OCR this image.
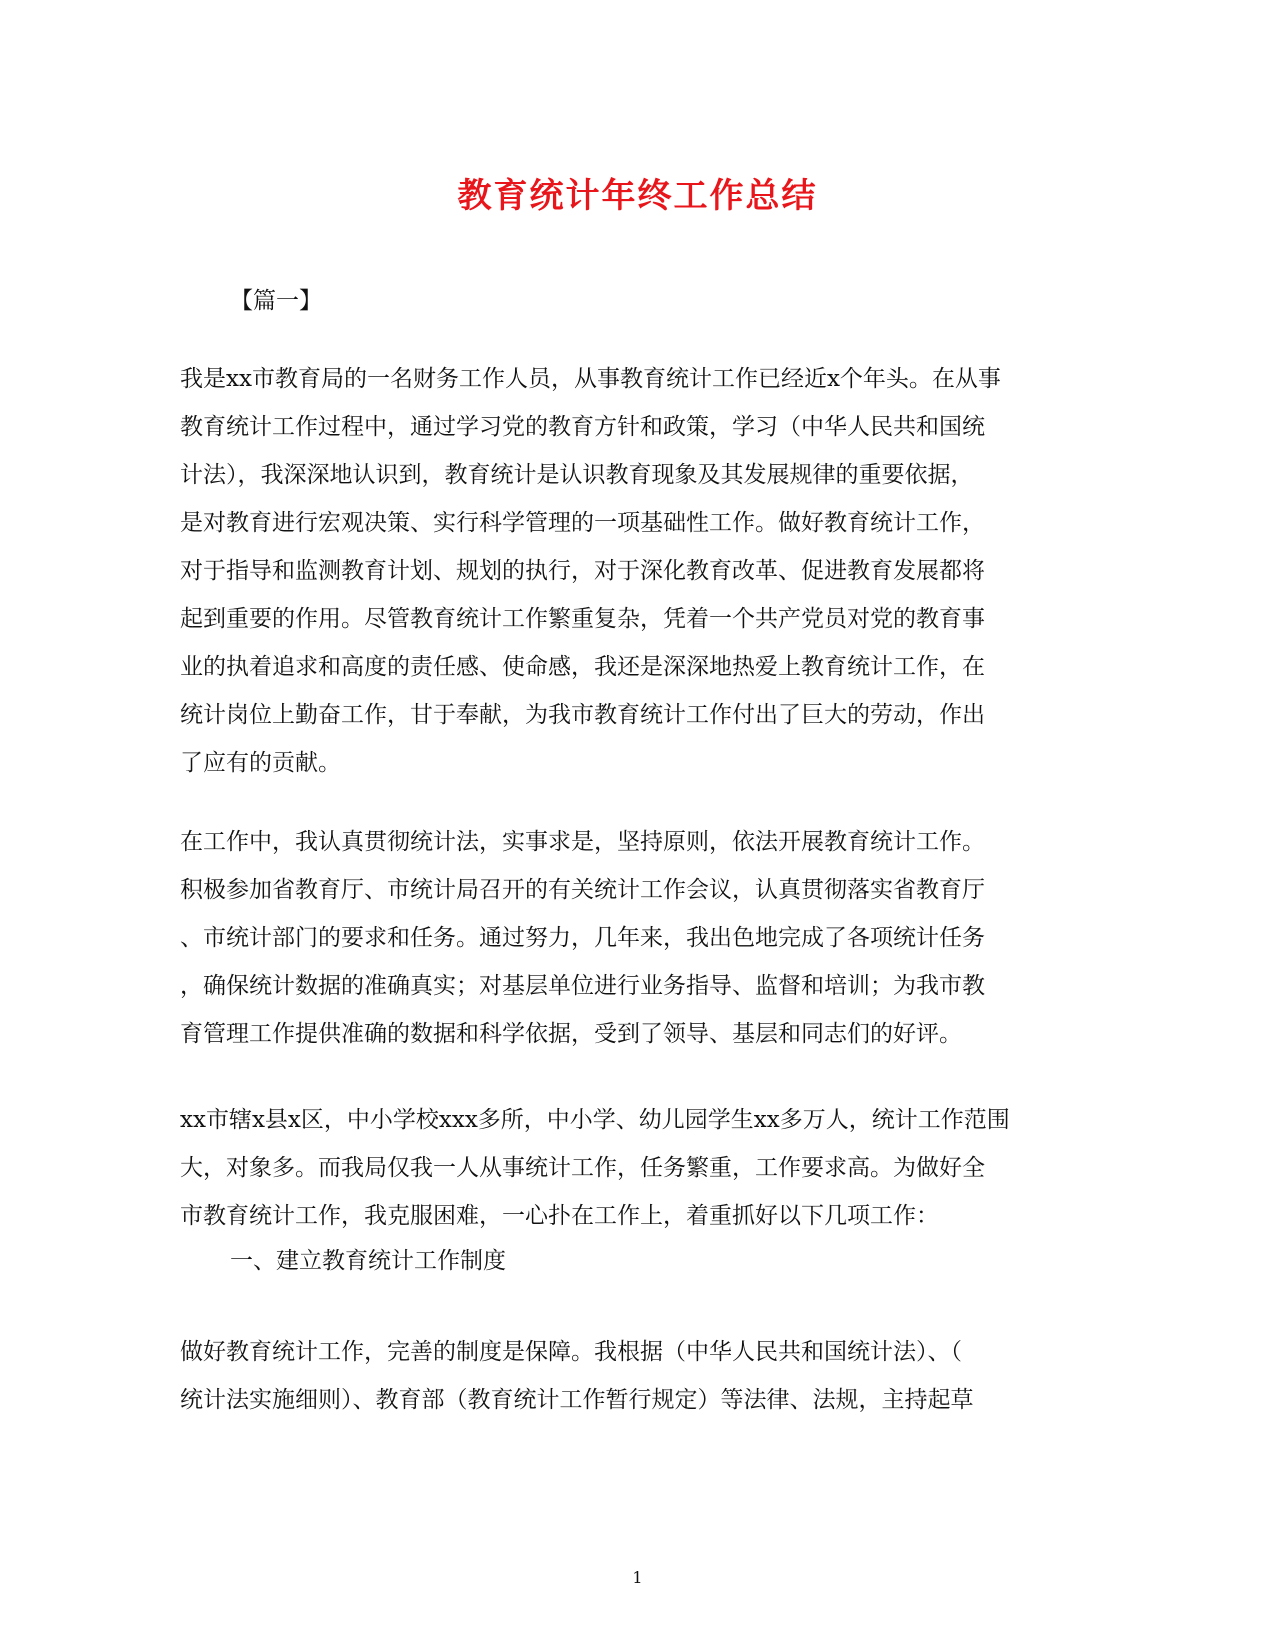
教育统计年终工作总结
【篇一】
我是xx市教育局的一名财务工作人员，从事教育统计工作已经近x个年头。在从事
教育统计工作过程中，通过学习党的教育方针和政策，学习（中华人民共和国统
计法），我深深地认识到，教育统计是认识教育现象及其发展规律的重要依据，
是对教育进行宏观决策、实行科学管理的一项基础性工作。做好教育统计工作，
对于指导和监测教育计划、规划的执行，对于深化教育改革、促进教育发展都将
起到重要的作用。尽管教育统计工作繁重复杂，凭着一个共产党员对党的教育事
业的执着追求和高度的责任感、使命感，我还是深深地热爱上教育统计工作，在
统计岗位上勤奋工作，甘于奉献，为我市教育统计工作付出了巨大的劳动，作出
了应有的贡献。
在工作中，我认真贯彻统计法，实事求是，坚持原则，依法开展教育统计工作。
积极参加省教育厅、市统计局召开的有关统计工作会议，认真贯彻落实省教育厅
、市统计部门的要求和任务。通过努力，几年来，我出色地完成了各项统计任务
，确保统计数据的准确真实；对基层单位进行业务指导、监督和培训；为我市教
育管理工作提供准确的数据和科学依据，受到了领导、基层和同志们的好评。
xx市辖x县x区，中小学校xxx多所，中小学、幼儿园学生xx多万人，统计工作范围
大，对象多。而我局仅我一人从事统计工作，任务繁重，工作要求高。为做好全
市教育统计工作，我克服困难，一心扑在工作上，着重抓好以下几项工作：
一、建立教育统计工作制度
做好教育统计工作，完善的制度是保障。我根据（中华人民共和国统计法）、（
统计法实施细则）、教育部（教育统计工作暂行规定）等法律、法规，主持起草
1
